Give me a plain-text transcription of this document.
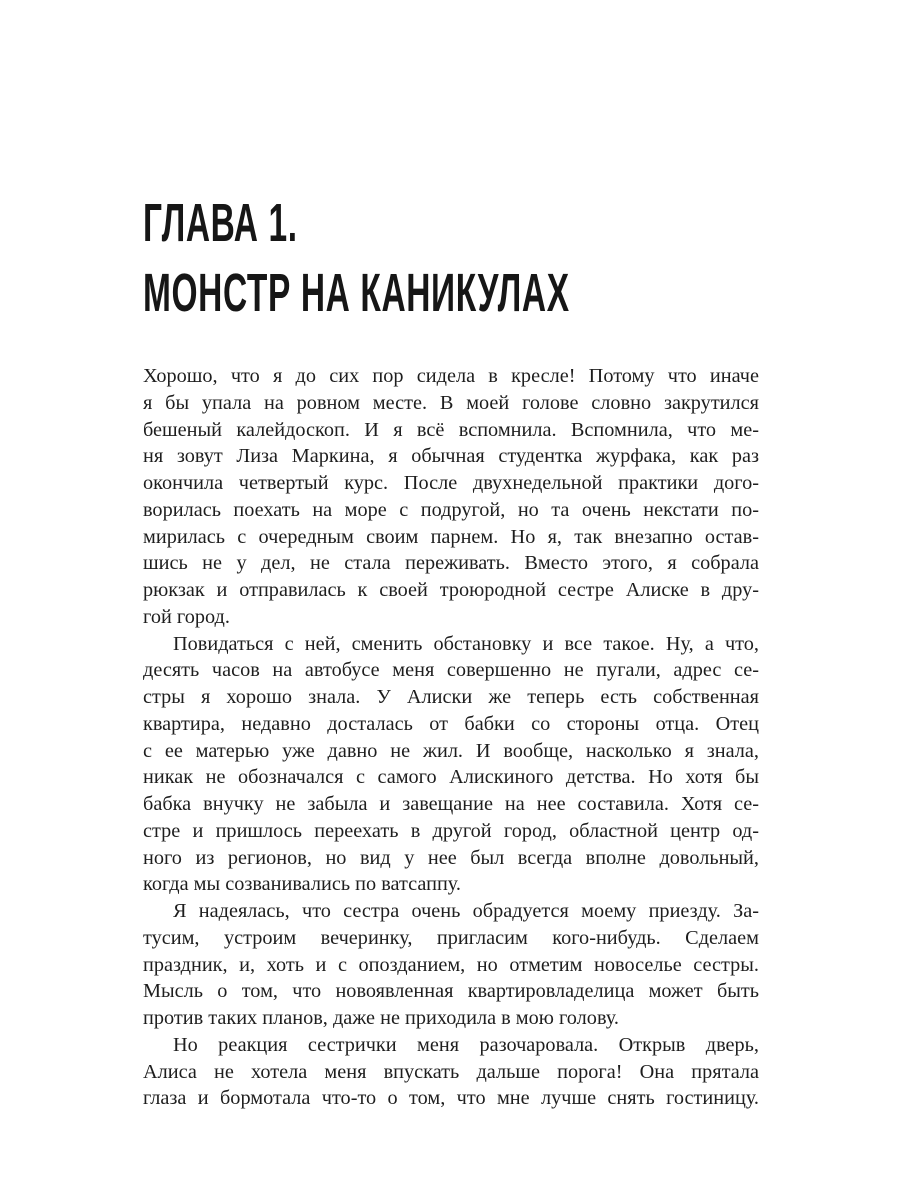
ГЛАВА 1.
МОНСТР НА КАНИКУЛАХ
Хорошо, что я до сих пор сидела в кресле! Потому что иначе
я бы упала на ровном месте. В моей голове словно закрутился
бешеный калейдоскоп. И я всё вспомнила. Вспомнила, что ме-
ня зовут Лиза Маркина, я обычная студентка журфака, как раз
окончила четвертый курс. После двухнедельной практики дого-
ворилась поехать на море с подругой, но та очень некстати по-
мирилась с очередным своим парнем. Но я, так внезапно остав-
шись не у дел, не стала переживать. Вместо этого, я собрала
рюкзак и отправилась к своей троюродной сестре Алиске в дру-
гой город.
Повидаться с ней, сменить обстановку и все такое. Ну, а что,
десять часов на автобусе меня совершенно не пугали, адрес се-
стры я хорошо знала. У Алиски же теперь есть собственная
квартира, недавно досталась от бабки со стороны отца. Отец
с ее матерью уже давно не жил. И вообще, насколько я знала,
никак не обозначался с самого Алискиного детства. Но хотя бы
бабка внучку не забыла и завещание на нее составила. Хотя се-
стре и пришлось переехать в другой город, областной центр од-
ного из регионов, но вид у нее был всегда вполне довольный,
когда мы созванивались по ватсаппу.
Я надеялась, что сестра очень обрадуется моему приезду. За-
тусим, устроим вечеринку, пригласим кого-нибудь. Сделаем
праздник, и, хоть и с опозданием, но отметим новоселье сестры.
Мысль о том, что новоявленная квартировладелица может быть
против таких планов, даже не приходила в мою голову.
Но реакция сестрички меня разочаровала. Открыв дверь,
Алиса не хотела меня впускать дальше порога! Она прятала
глаза и бормотала что-то о том, что мне лучше снять гостиницу.
